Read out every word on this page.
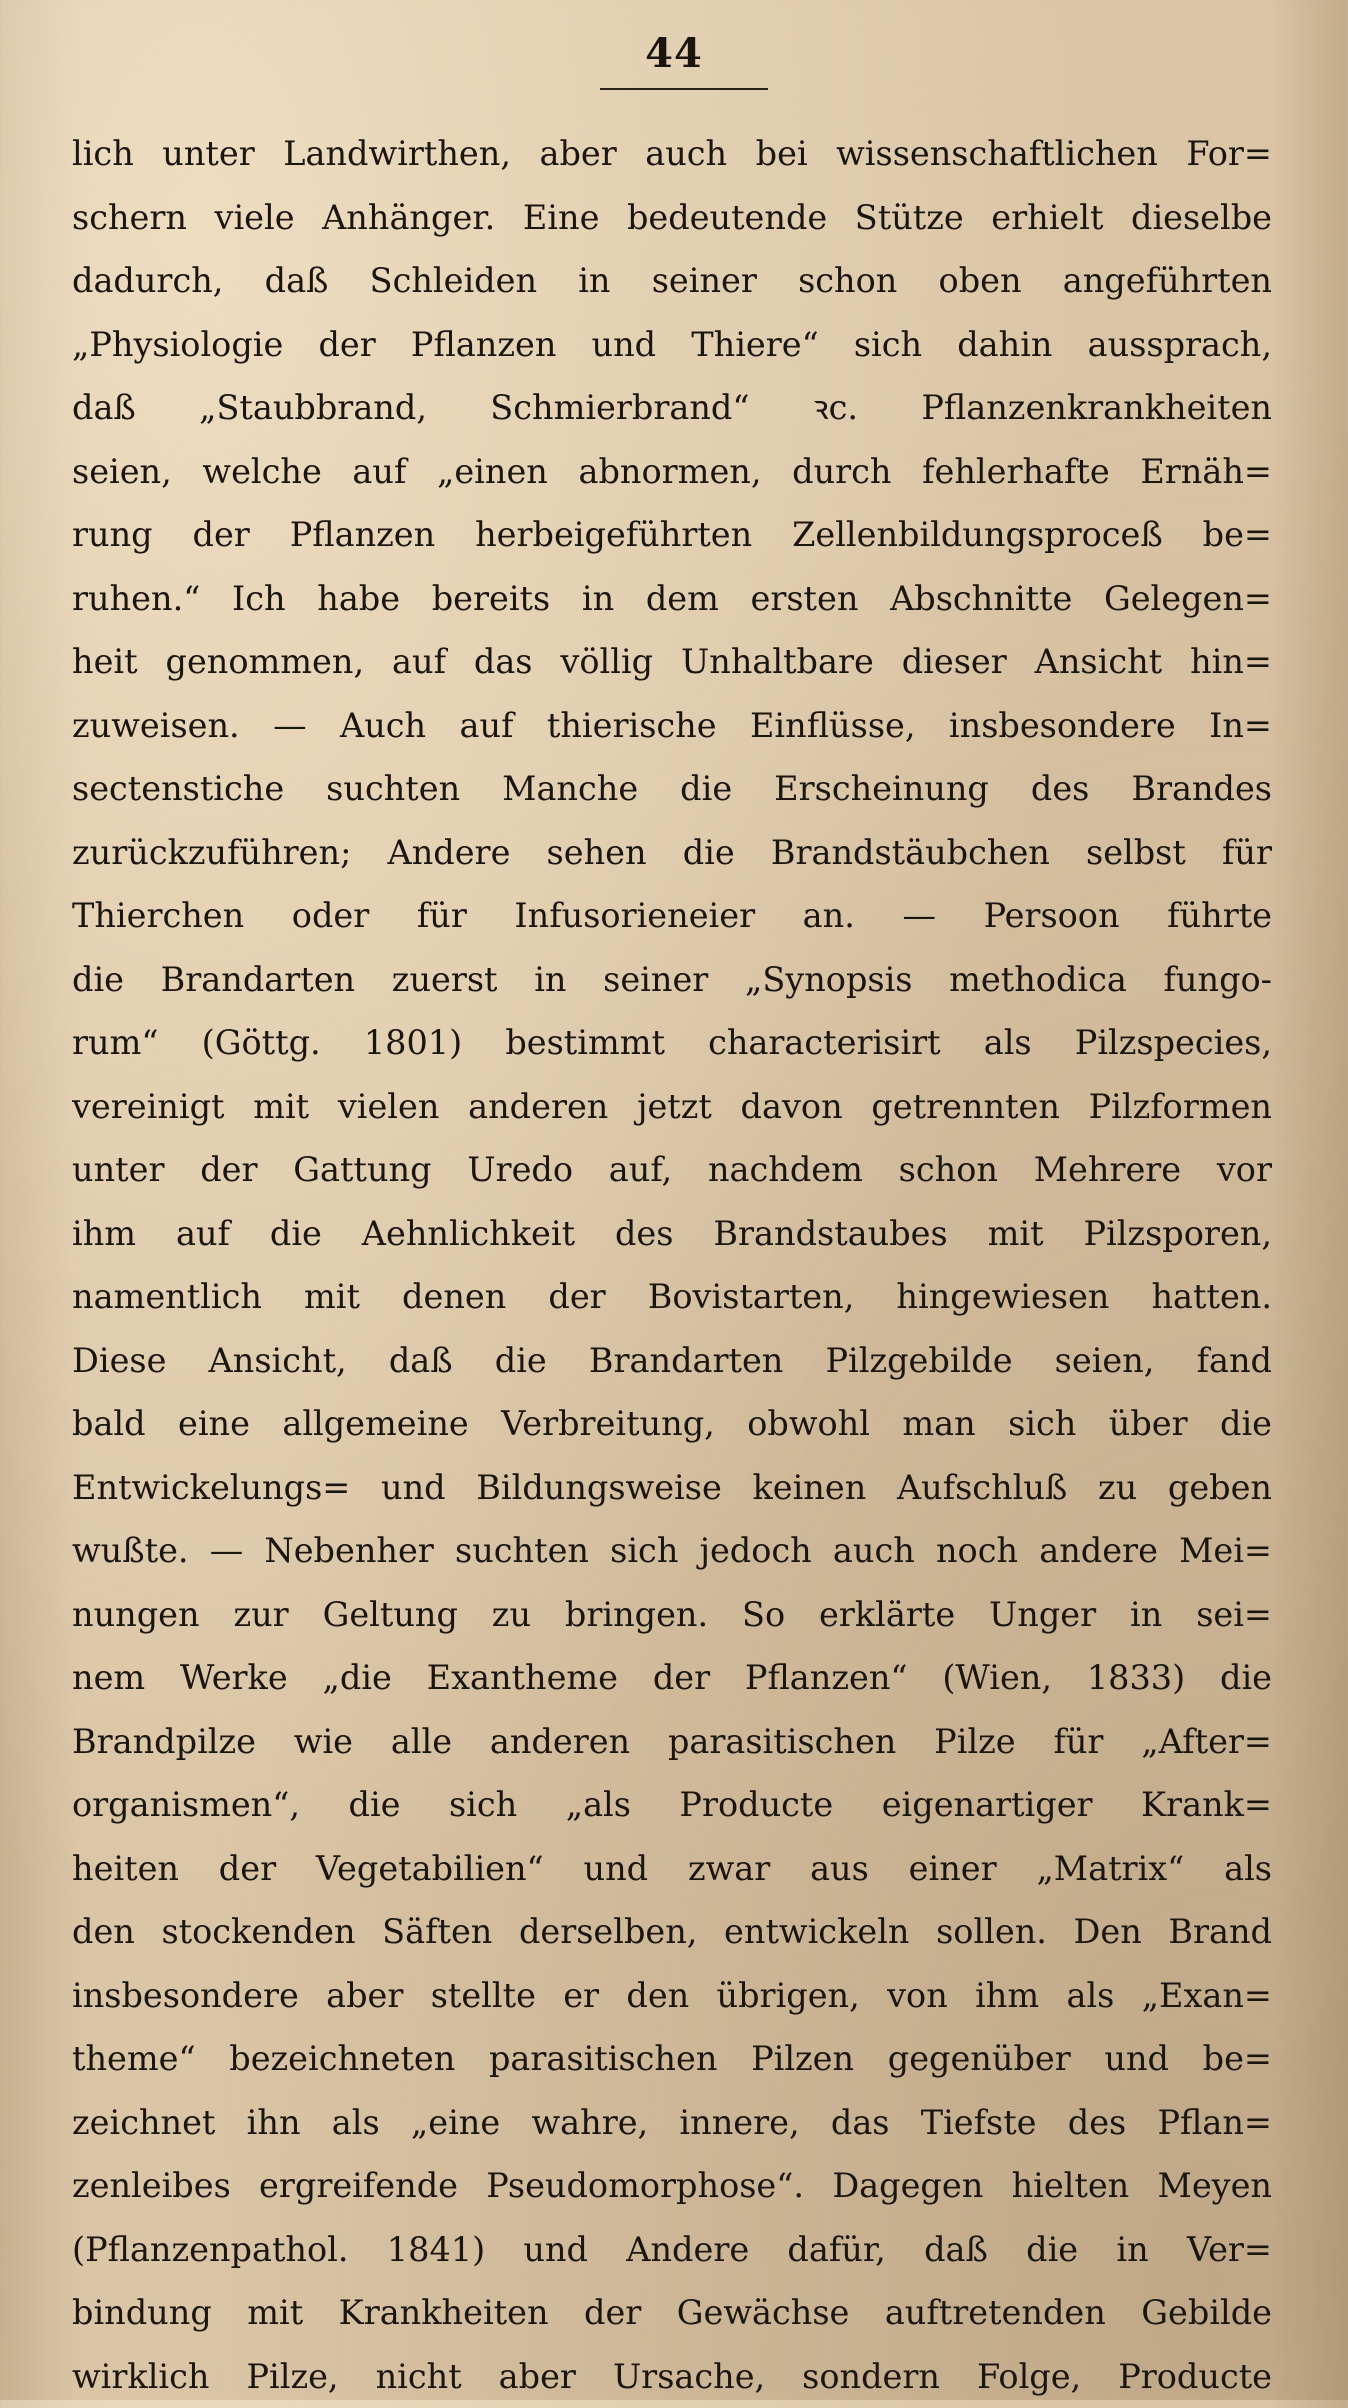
44
lich unter Landwirthen, aber auch bei wissenschaftlichen For=
schern viele Anhänger. Eine bedeutende Stütze erhielt dieselbe
dadurch, daß Schleiden in seiner schon oben angeführten
„Physiologie der Pflanzen und Thiere“ sich dahin aussprach,
daß „Staubbrand, Schmierbrand“ ꝛc. Pflanzenkrankheiten
seien, welche auf „einen abnormen, durch fehlerhafte Ernäh=
rung der Pflanzen herbeigeführten Zellenbildungsproceß be=
ruhen.“ Ich habe bereits in dem ersten Abschnitte Gelegen=
heit genommen, auf das völlig Unhaltbare dieser Ansicht hin=
zuweisen. — Auch auf thierische Einflüsse, insbesondere In=
sectenstiche suchten Manche die Erscheinung des Brandes
zurückzuführen; Andere sehen die Brandstäubchen selbst für
Thierchen oder für Infusorieneier an. — Persoon führte
die Brandarten zuerst in seiner „Synopsis methodica fungo-
rum“ (Göttg. 1801) bestimmt characterisirt als Pilzspecies,
vereinigt mit vielen anderen jetzt davon getrennten Pilzformen
unter der Gattung Uredo auf, nachdem schon Mehrere vor
ihm auf die Aehnlichkeit des Brandstaubes mit Pilzsporen,
namentlich mit denen der Bovistarten, hingewiesen hatten.
Diese Ansicht, daß die Brandarten Pilzgebilde seien, fand
bald eine allgemeine Verbreitung, obwohl man sich über die
Entwickelungs= und Bildungsweise keinen Aufschluß zu geben
wußte. — Nebenher suchten sich jedoch auch noch andere Mei=
nungen zur Geltung zu bringen. So erklärte Unger in sei=
nem Werke „die Exantheme der Pflanzen“ (Wien, 1833) die
Brandpilze wie alle anderen parasitischen Pilze für „After=
organismen“, die sich „als Producte eigenartiger Krank=
heiten der Vegetabilien“ und zwar aus einer „Matrix“ als
den stockenden Säften derselben, entwickeln sollen. Den Brand
insbesondere aber stellte er den übrigen, von ihm als „Exan=
theme“ bezeichneten parasitischen Pilzen gegenüber und be=
zeichnet ihn als „eine wahre, innere, das Tiefste des Pflan=
zenleibes ergreifende Pseudomorphose“. Dagegen hielten Meyen
(Pflanzenpathol. 1841) und Andere dafür, daß die in Ver=
bindung mit Krankheiten der Gewächse auftretenden Gebilde
wirklich Pilze, nicht aber Ursache, sondern Folge, Producte
